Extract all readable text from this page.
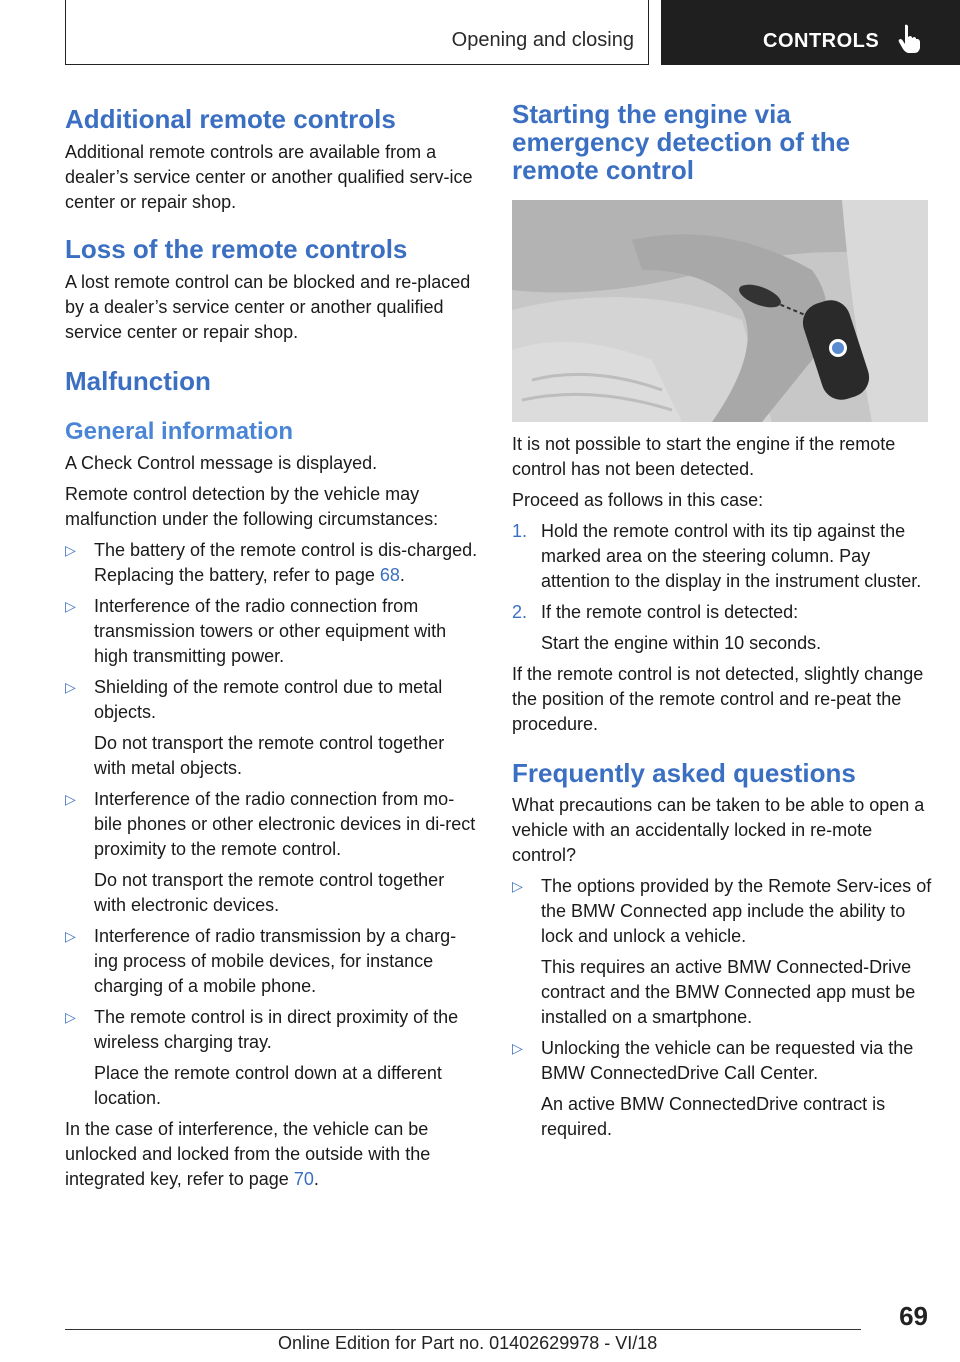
Opening and closing	CONTROLS
Additional remote controls

Additional remote controls are available from a dealer’s service center or another qualified serv‐ice center or repair shop.

Loss of the remote controls

A lost remote control can be blocked and re‐placed by a dealer’s service center or another qualified service center or repair shop.

Malfunction
General information

A Check Control message is displayed.

Remote control detection by the vehicle may malfunction under the following circumstances:

▷ The battery of the remote control is dis‐charged. Replacing the battery, refer to page 68.
▷ Interference of the radio connection from transmission towers or other equipment with high transmitting power.
▷ Shielding of the remote control due to metal objects.
Do not transport the remote control together with metal objects.
▷ Interference of the radio connection from mo‐bile phones or other electronic devices in di‐rect proximity to the remote control.
Do not transport the remote control together with electronic devices.
▷ Interference of radio transmission by a charg‐ing process of mobile devices, for instance charging of a mobile phone.
▷ The remote control is in direct proximity of the wireless charging tray.
Place the remote control down at a different location.

In the case of interference, the vehicle can be unlocked and locked from the outside with the integrated key, refer to page 70.

Starting the engine via emergency detection of the remote control

It is not possible to start the engine if the remote control has not been detected.

Proceed as follows in this case:

1. Hold the remote control with its tip against the marked area on the steering column. Pay attention to the display in the instrument cluster.
2. If the remote control is detected:
Start the engine within 10 seconds.

If the remote control is not detected, slightly change the position of the remote control and re‐peat the procedure.

Frequently asked questions

What precautions can be taken to be able to open a vehicle with an accidentally locked in re‐mote control?

▷ The options provided by the Remote Serv‐ices of the BMW Connected app include the ability to lock and unlock a vehicle.
This requires an active BMW Connected‐Drive contract and the BMW Connected app must be installed on a smartphone.
▷ Unlocking the vehicle can be requested via the BMW ConnectedDrive Call Center.
An active BMW ConnectedDrive contract is required.
69
Online Edition for Part no. 01402629978 - VI/18
